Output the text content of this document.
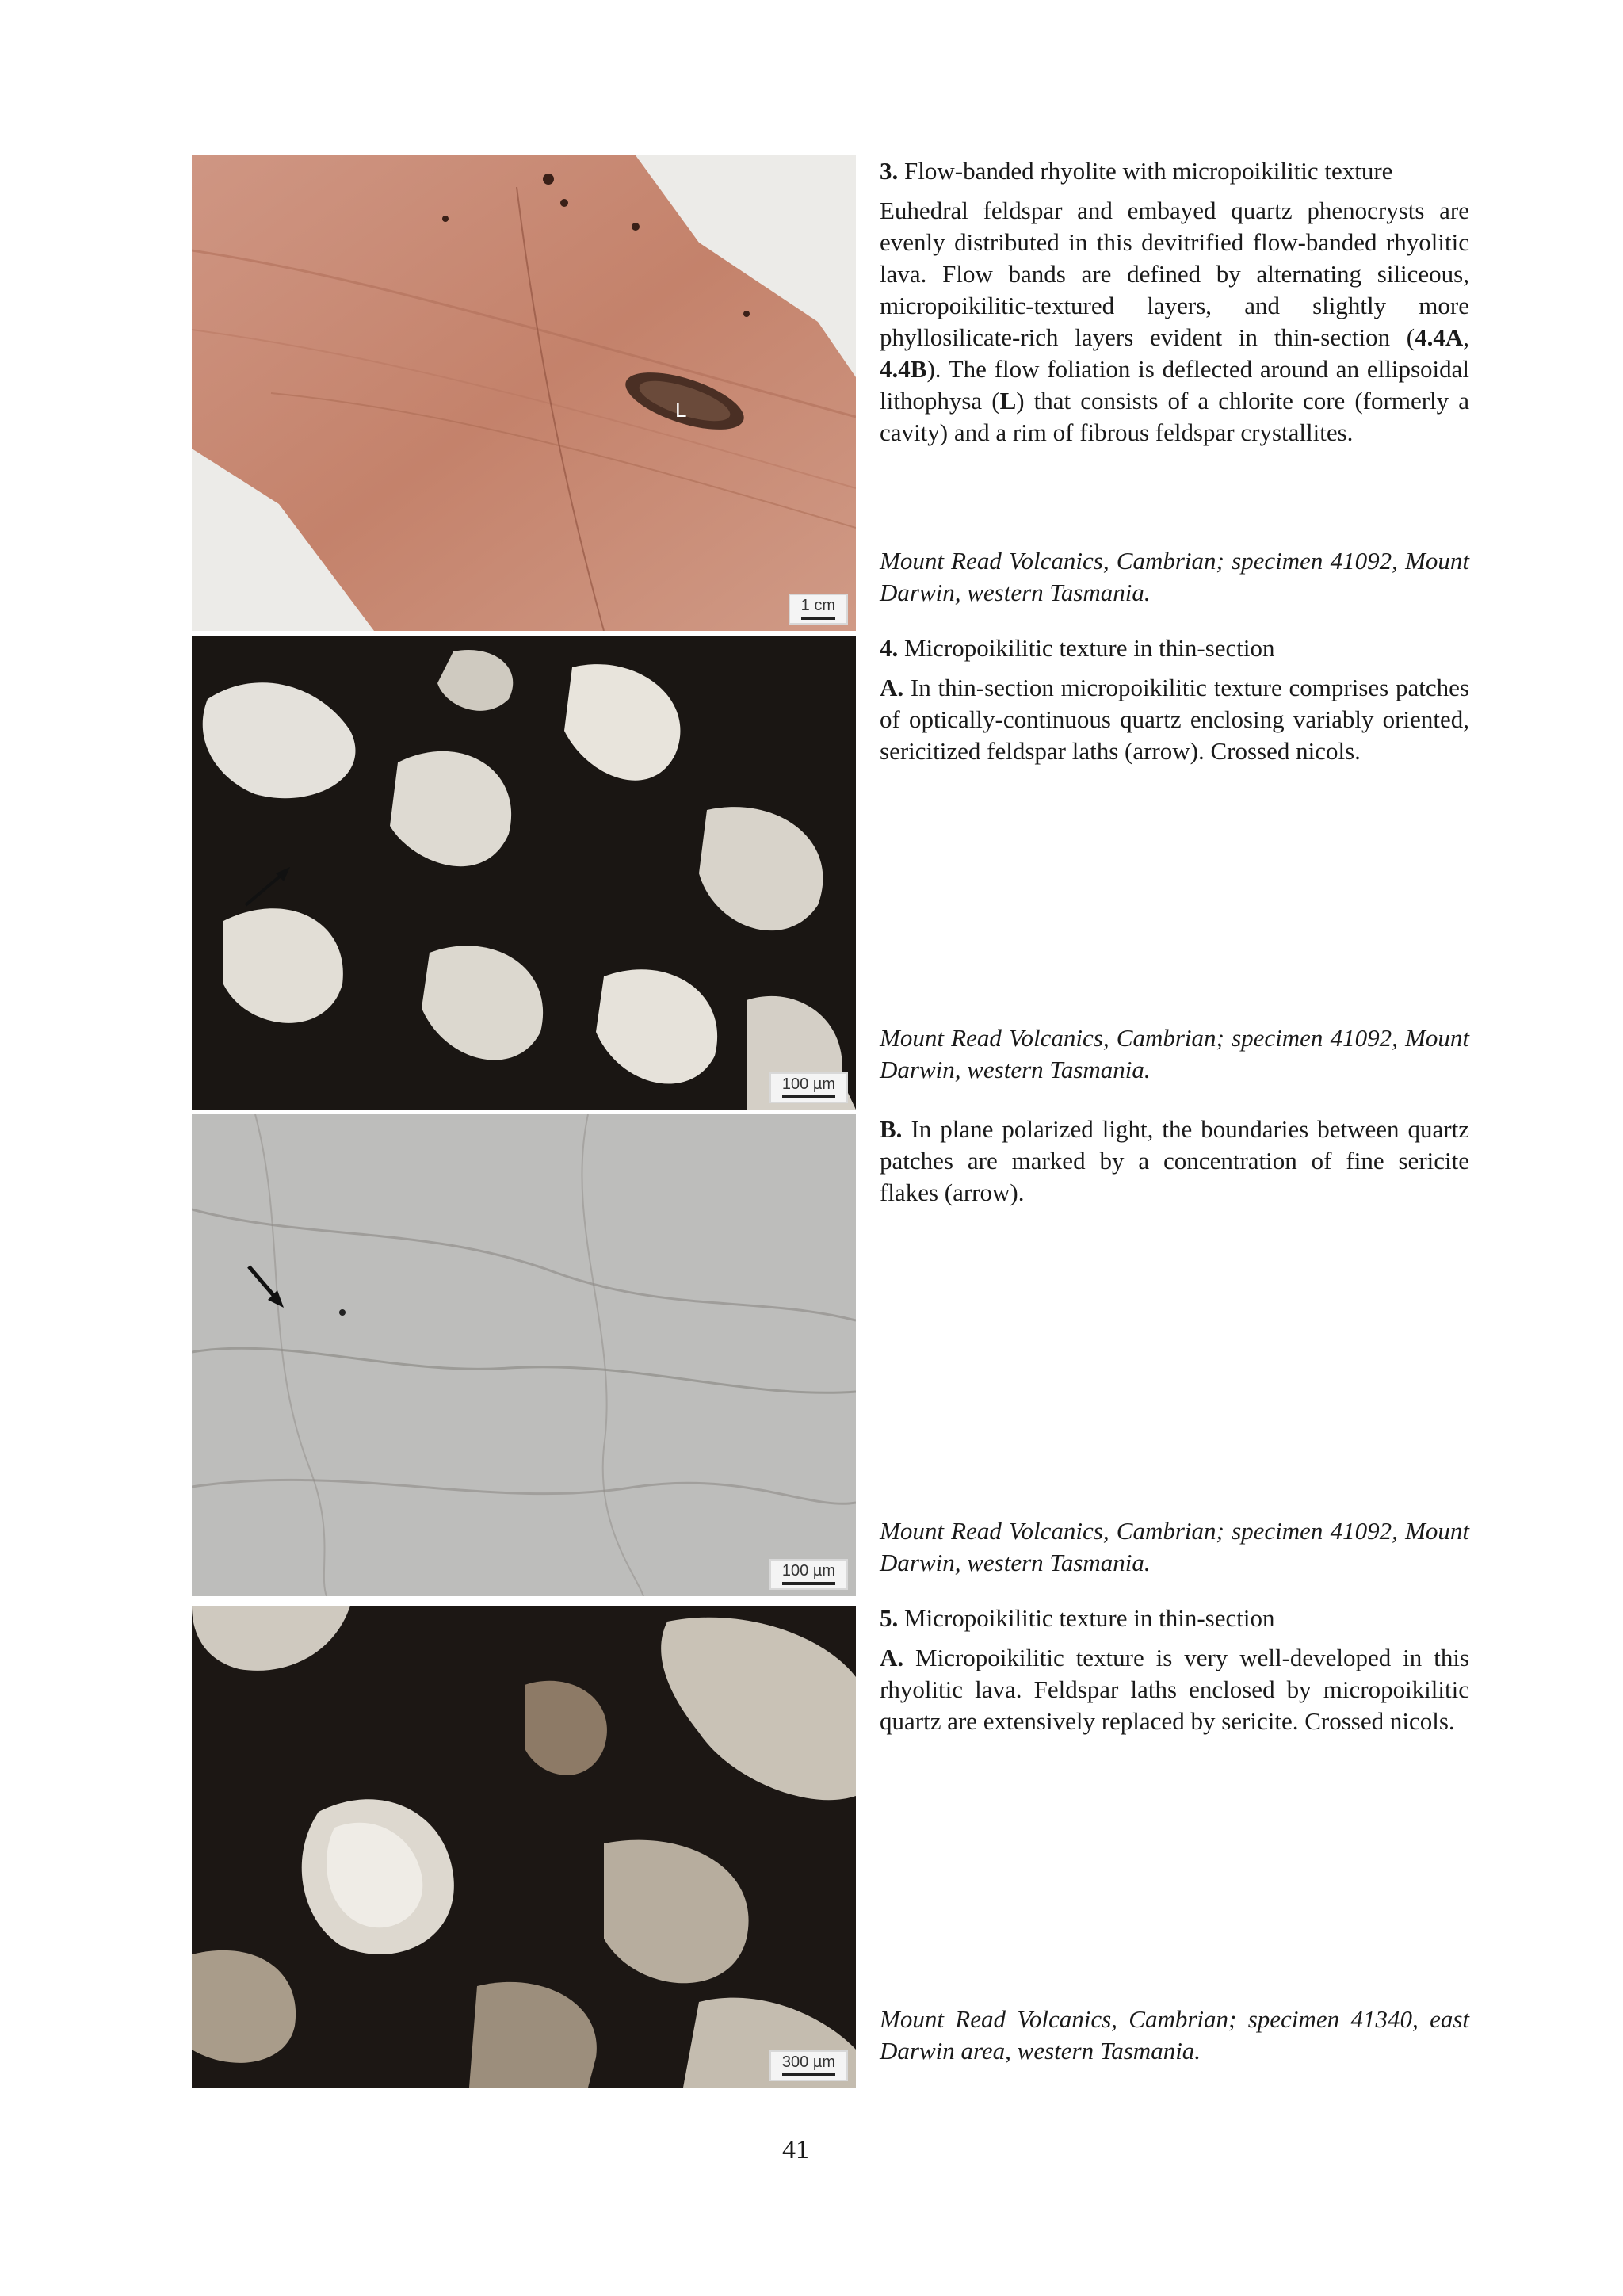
L
1 cm
100 µm
100 µm
300 µm

3. Flow-banded rhyolite with micropoikilitic texture

Euhedral feldspar and embayed quartz phenocrysts are evenly distributed in this devitrified flow-banded rhyolitic lava. Flow bands are defined by alternating siliceous, micropoikilitic-textured layers, and slightly more phyllosilicate-rich layers evident in thin-section (4.4A, 4.4B). The flow foliation is deflected around an ellipsoidal lithophysa (L) that consists of a chlorite core (formerly a cavity) and a rim of fibrous feldspar crystallites.

Mount Read Volcanics, Cambrian; specimen 41092, Mount Darwin, western Tasmania.

4. Micropoikilitic texture in thin-section

A. In thin-section micropoikilitic texture comprises patches of optically-continuous quartz enclosing variably oriented, sericitized feldspar laths (arrow). Crossed nicols.

Mount Read Volcanics, Cambrian; specimen 41092, Mount Darwin, western Tasmania.

B. In plane polarized light, the boundaries between quartz patches are marked by a concentration of fine sericite flakes (arrow).

Mount Read Volcanics, Cambrian; specimen 41092, Mount Darwin, western Tasmania.

5. Micropoikilitic texture in thin-section

A. Micropoikilitic texture is very well-developed in this rhyolitic lava. Feldspar laths enclosed by micropoikilitic quartz are extensively replaced by sericite. Crossed nicols.

Mount Read Volcanics, Cambrian; specimen 41340, east Darwin area, western Tasmania.
41
